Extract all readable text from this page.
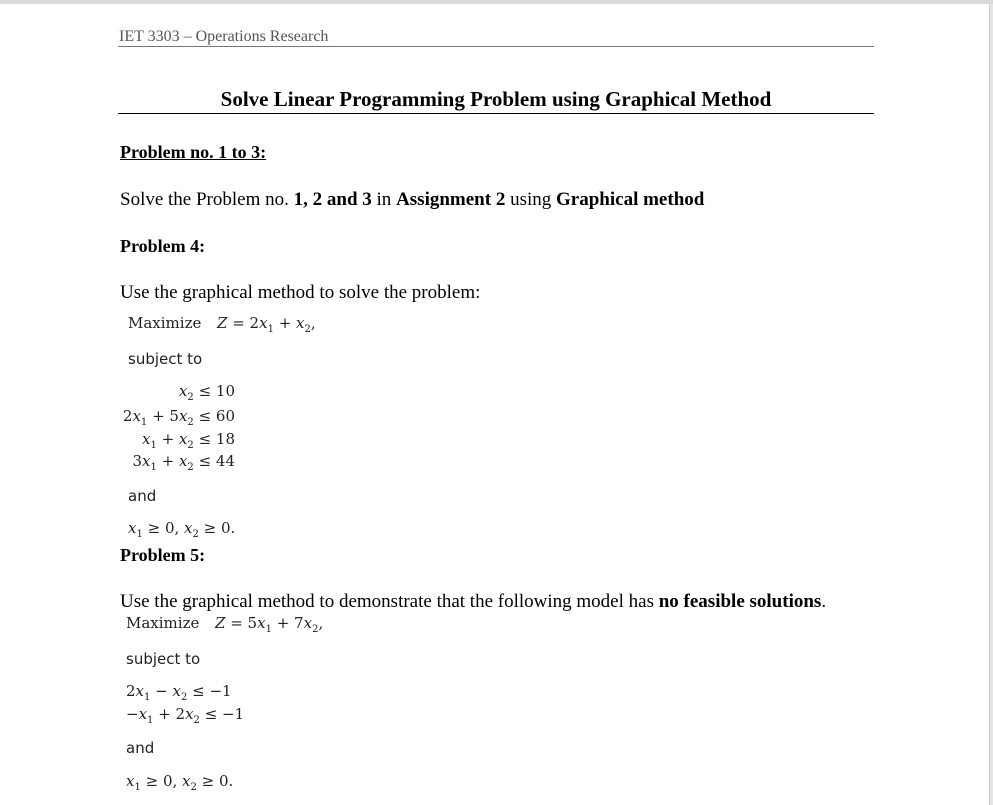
IET 3303 – Operations Research
Solve Linear Programming Problem using Graphical Method
Problem no. 1 to 3:
Solve the Problem no. 1, 2 and 3 in Assignment 2 using Graphical method
Problem 4:
Use the graphical method to solve the problem:
Maximize $Z = 2x_1 + x_2$,
subject to
$x_2 \le 10$
$2x_1 + 5x_2 \le 60$
$x_1 + x_2 \le 18$
$3x_1 + x_2 \le 44$
and
$x_1 \ge 0$, $x_2 \ge 0$.
Problem 5:
Use the graphical method to demonstrate that the following model has no feasible solutions.
Maximize $Z = 5x_1 + 7x_2$,
subject to
$2x_1 - x_2 \le -1$
$-x_1 + 2x_2 \le -1$
and
$x_1 \ge 0$, $x_2 \ge 0$.
